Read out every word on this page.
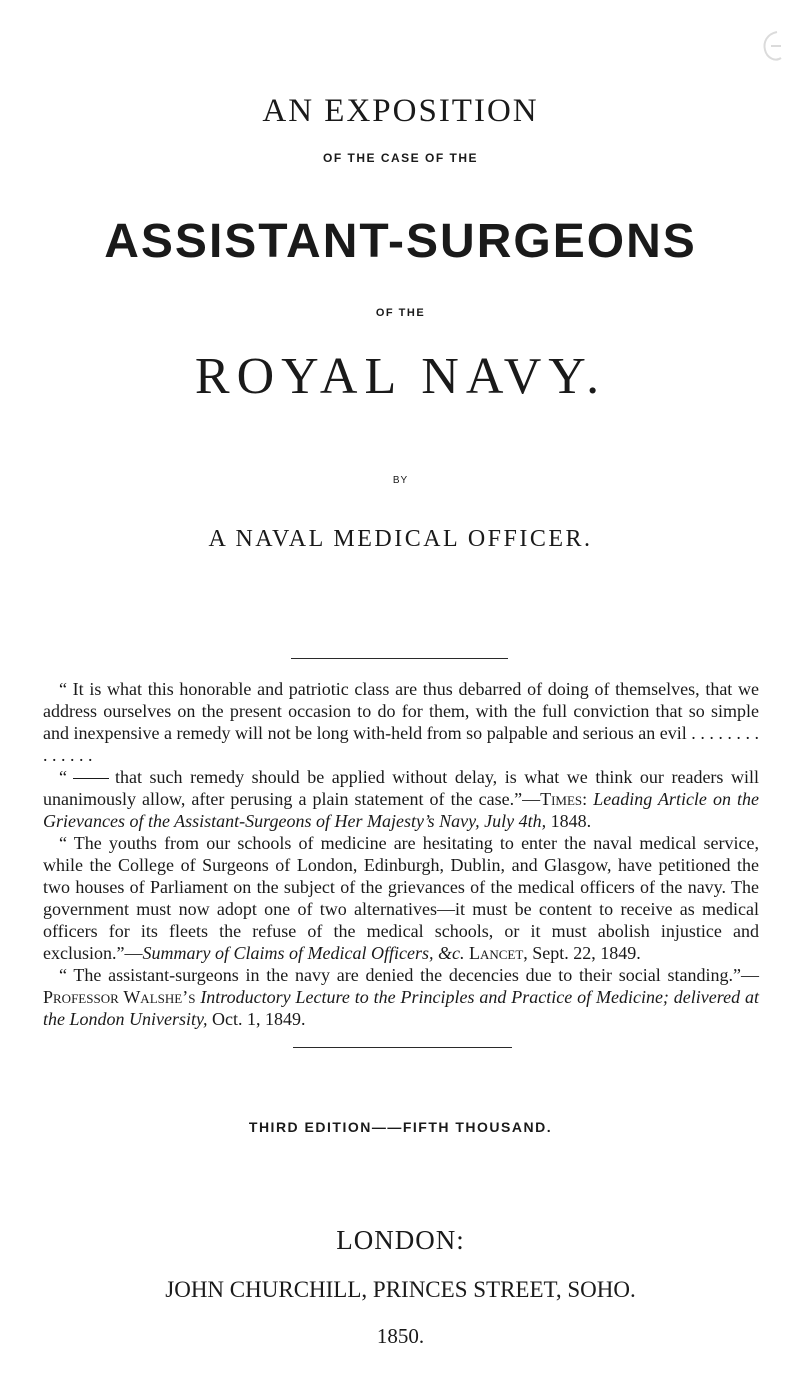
AN EXPOSITION
OF THE CASE OF THE
ASSISTANT-SURGEONS
OF THE
ROYAL NAVY.
BY
A NAVAL MEDICAL OFFICER.

“ It is what this honorable and patriotic class are thus debarred of doing of themselves, that we address ourselves on the present occasion to do for them, with the full conviction that so simple and inexpensive a remedy will not be long with-held from so palpable and serious an evil . . . . . . . . . . . . . .

“	that such remedy should be applied without delay, is what we think our readers will unanimously allow, after perusing a plain statement of the case.”—Times: Leading Article on the Grievances of the Assistant-Surgeons of Her Majesty’s Navy, July 4th, 1848.

“ The youths from our schools of medicine are hesitating to enter the naval medical service, while the College of Surgeons of London, Edinburgh, Dublin, and Glasgow, have petitioned the two houses of Parliament on the subject of the grievances of the medical officers of the navy. The government must now adopt one of two alternatives—it must be content to receive as medical officers for its fleets the refuse of the medical schools, or it must abolish injustice and exclusion.”—Summary of Claims of Medical Officers, &c. Lancet, Sept. 22, 1849.

“ The assistant-surgeons in the navy are denied the decencies due to their social standing.”—Professor Walshe’s Introductory Lecture to the Principles and Practice of Medicine; delivered at the London University, Oct. 1, 1849.

THIRD EDITION——FIFTH THOUSAND.
LONDON:
JOHN CHURCHILL, PRINCES STREET, SOHO.
1850.
